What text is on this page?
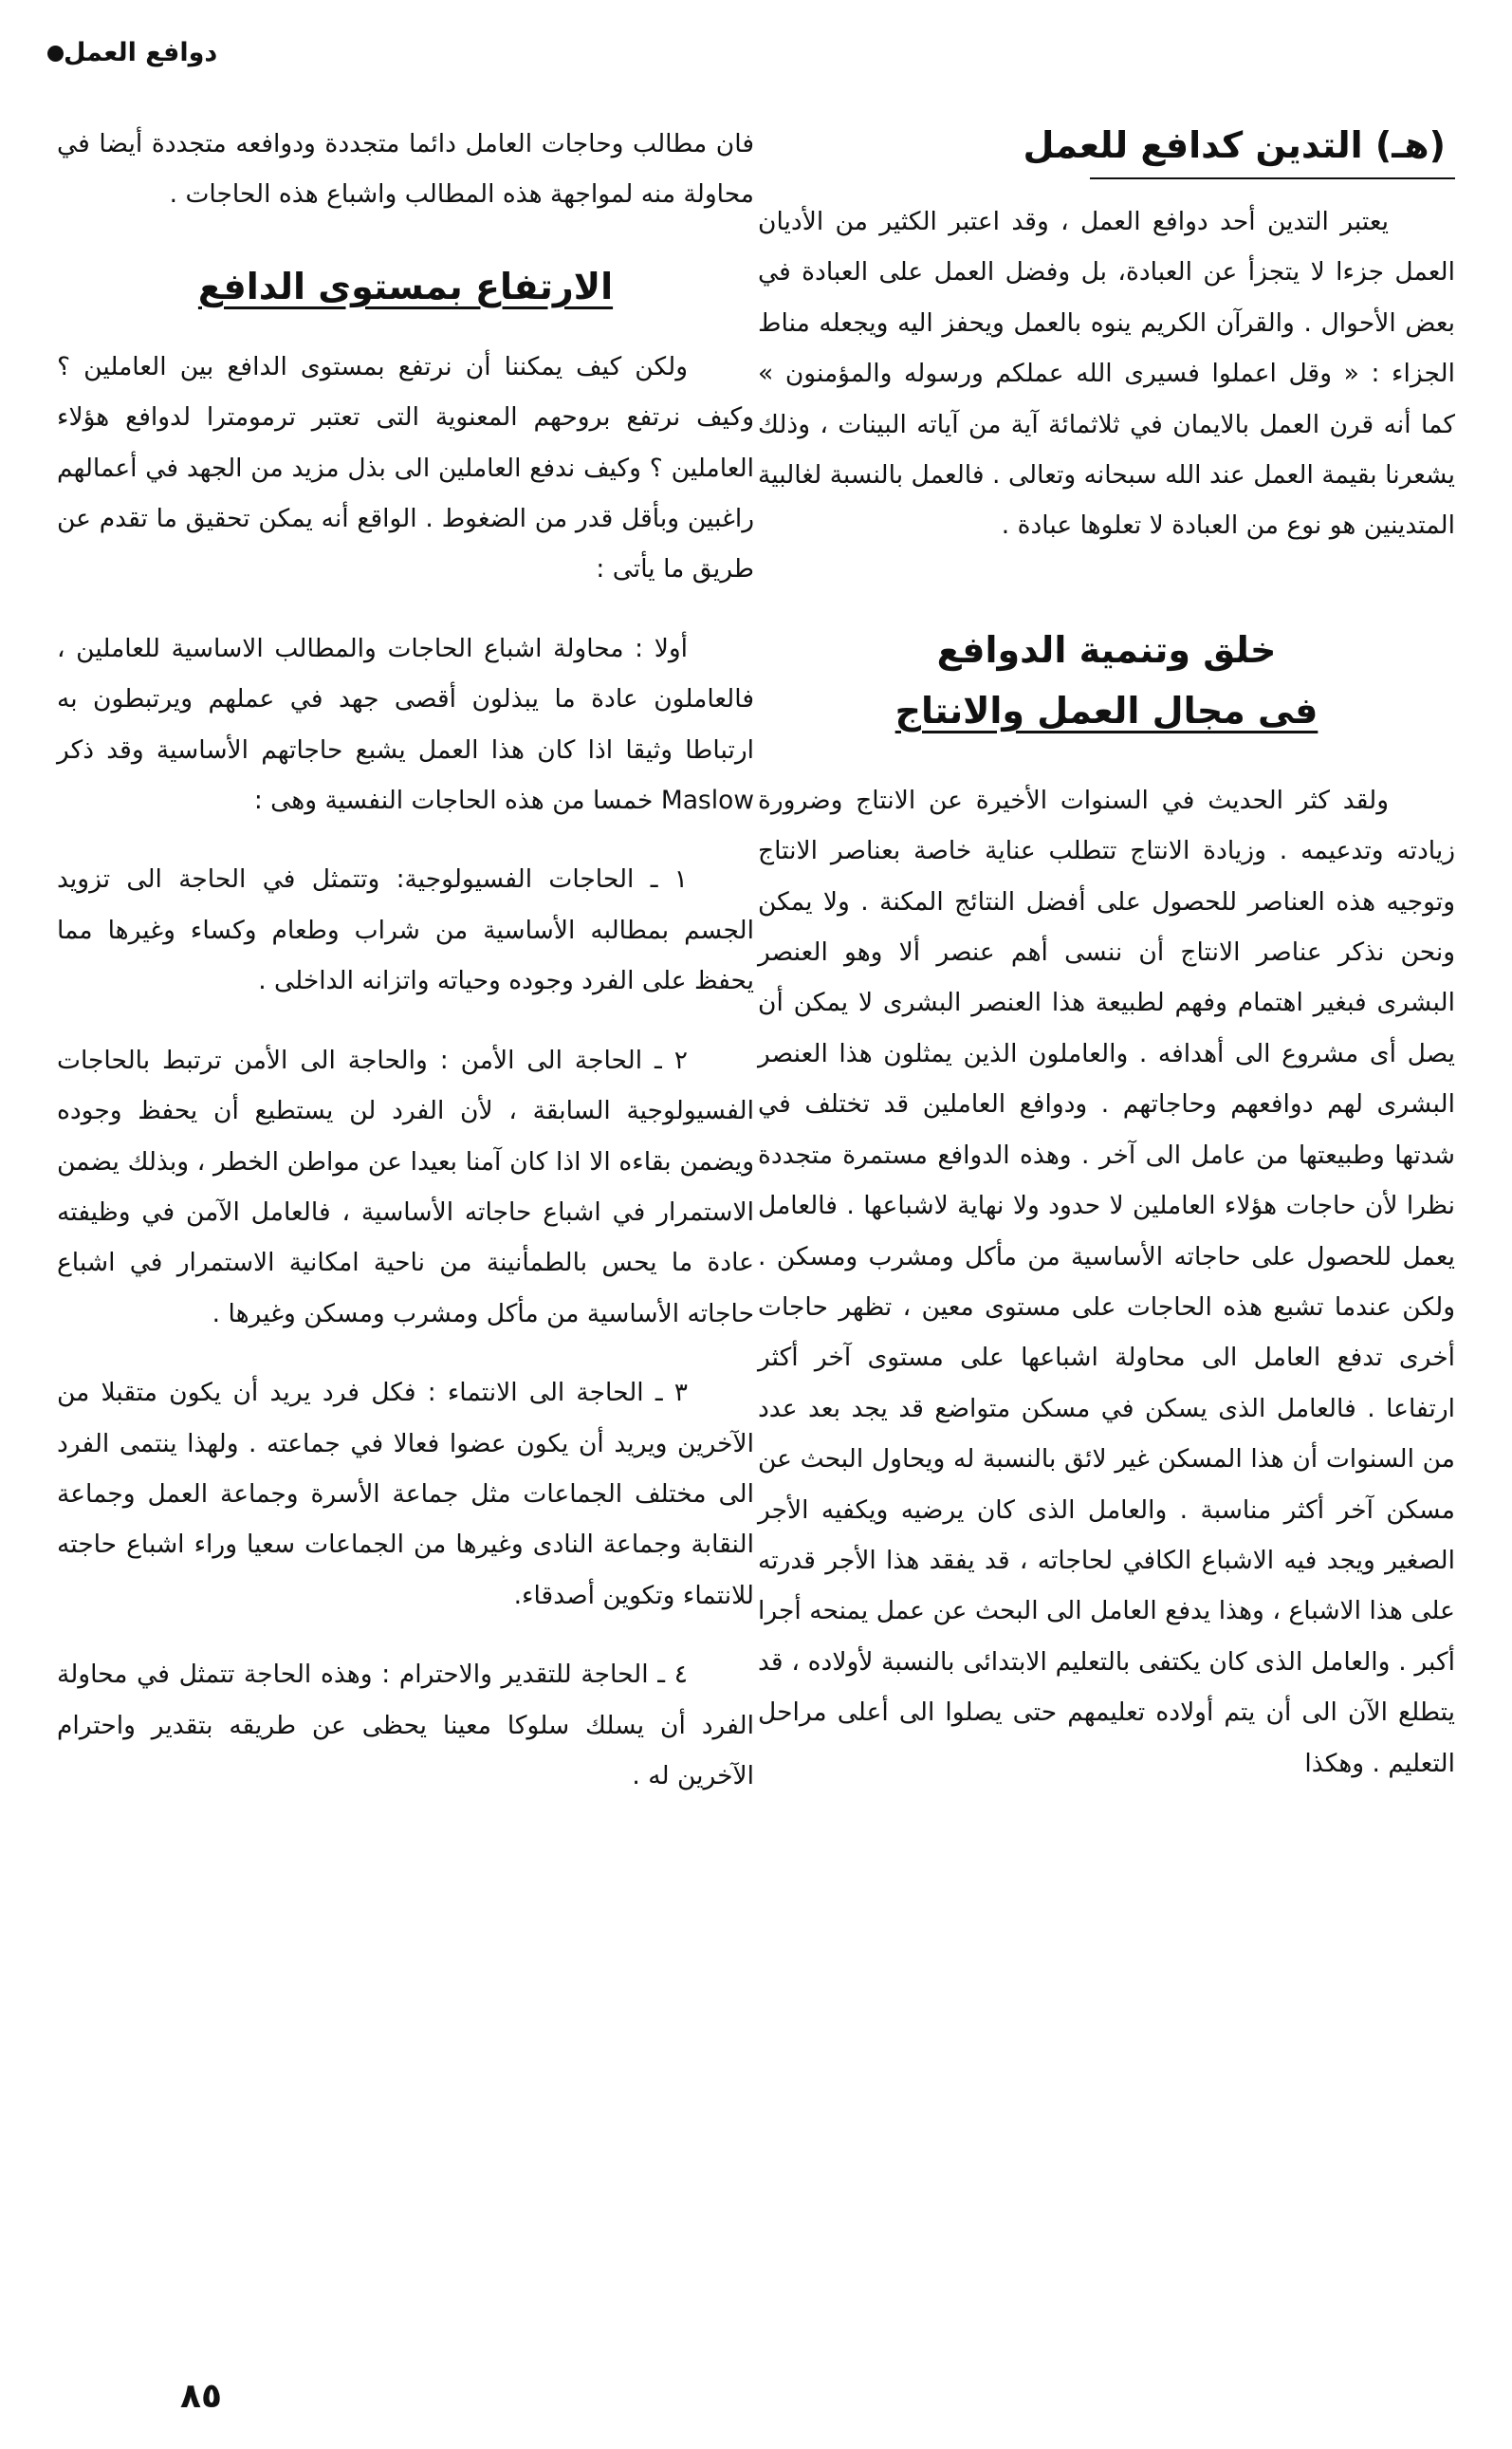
دوافع العمل
(هـ) التدين كدافع للعمل

يعتبر التدين أحد دوافع العمل ، وقد اعتبر الكثير من الأديان العمل جزءا لا يتجزأ عن العبادة، بل وفضل العمل على العبادة في بعض الأحوال . والقرآن الكريم ينوه بالعمل ويحفز اليه ويجعله مناط الجزاء : « وقل اعملوا فسيرى الله عملكم ورسوله والمؤمنون » كما أنه قرن العمل بالايمان في ثلاثمائة آية من آياته البينات ، وذلك يشعرنا بقيمة العمل عند الله سبحانه وتعالى . فالعمل بالنسبة لغالبية المتدينين هو نوع من العبادة لا تعلوها عبادة .

خلق وتنمية الدوافع
فى مجال العمل والانتاج

ولقد كثر الحديث في السنوات الأخيرة عن الانتاج وضرورة زيادته وتدعيمه . وزيادة الانتاج تتطلب عناية خاصة بعناصر الانتاج وتوجيه هذه العناصر للحصول على أفضل النتائج المكنة . ولا يمكن ونحن نذكر عناصر الانتاج أن ننسى أهم عنصر ألا وهو العنصر البشرى فبغير اهتمام وفهم لطبيعة هذا العنصر البشرى لا يمكن أن يصل أى مشروع الى أهدافه . والعاملون الذين يمثلون هذا العنصر البشرى لهم دوافعهم وحاجاتهم . ودوافع العاملين قد تختلف في شدتها وطبيعتها من عامل الى آخر . وهذه الدوافع مستمرة متجددة نظرا لأن حاجات هؤلاء العاملين لا حدود ولا نهاية لاشباعها . فالعامل يعمل للحصول على حاجاته الأساسية من مأكل ومشرب ومسكن . ولكن عندما تشبع هذه الحاجات على مستوى معين ، تظهر حاجات أخرى تدفع العامل الى محاولة اشباعها على مستوى آخر أكثر ارتفاعا . فالعامل الذى يسكن في مسكن متواضع قد يجد بعد عدد من السنوات أن هذا المسكن غير لائق بالنسبة له ويحاول البحث عن مسكن آخر أكثر مناسبة . والعامل الذى كان يرضيه ويكفيه الأجر الصغير ويجد فيه الاشباع الكافي لحاجاته ، قد يفقد هذا الأجر قدرته على هذا الاشباع ، وهذا يدفع العامل الى البحث عن عمل يمنحه أجرا أكبر . والعامل الذى كان يكتفى بالتعليم الابتدائى بالنسبة لأولاده ، قد يتطلع الآن الى أن يتم أولاده تعليمهم حتى يصلوا الى أعلى مراحل التعليم . وهكذا

فان مطالب وحاجات العامل دائما متجددة ودوافعه متجددة أيضا في محاولة منه لمواجهة هذه المطالب واشباع هذه الحاجات .

الارتفاع بمستوى الدافع

ولكن كيف يمكننا أن نرتفع بمستوى الدافع بين العاملين ؟ وكيف نرتفع بروحهم المعنوية التى تعتبر ترمومترا لدوافع هؤلاء العاملين ؟ وكيف ندفع العاملين الى بذل مزيد من الجهد في أعمالهم راغبين وبأقل قدر من الضغوط . الواقع أنه يمكن تحقيق ما تقدم عن طريق ما يأتى :

أولا : محاولة اشباع الحاجات والمطالب الاساسية للعاملين ، فالعاملون عادة ما يبذلون أقصى جهد في عملهم ويرتبطون به ارتباطا وثيقا اذا كان هذا العمل يشبع حاجاتهم الأساسية وقد ذكر Maslow خمسا من هذه الحاجات النفسية وهى :

١ ـ الحاجات الفسيولوجية: وتتمثل في الحاجة الى تزويد الجسم بمطالبه الأساسية من شراب وطعام وكساء وغيرها مما يحفظ على الفرد وجوده وحياته واتزانه الداخلى .

٢ ـ الحاجة الى الأمن : والحاجة الى الأمن ترتبط بالحاجات الفسيولوجية السابقة ، لأن الفرد لن يستطيع أن يحفظ وجوده ويضمن بقاءه الا اذا كان آمنا بعيدا عن مواطن الخطر ، وبذلك يضمن الاستمرار في اشباع حاجاته الأساسية ، فالعامل الآمن في وظيفته عادة ما يحس بالطمأنينة من ناحية امكانية الاستمرار في اشباع حاجاته الأساسية من مأكل ومشرب ومسكن وغيرها .

٣ ـ الحاجة الى الانتماء : فكل فرد يريد أن يكون متقبلا من الآخرين ويريد أن يكون عضوا فعالا في جماعته . ولهذا ينتمى الفرد الى مختلف الجماعات مثل جماعة الأسرة وجماعة العمل وجماعة النقابة وجماعة النادى وغيرها من الجماعات سعيا وراء اشباع حاجته للانتماء وتكوين أصدقاء.

٤ ـ الحاجة للتقدير والاحترام : وهذه الحاجة تتمثل في محاولة الفرد أن يسلك سلوكا معينا يحظى عن طريقه بتقدير واحترام الآخرين له .

٨٥
